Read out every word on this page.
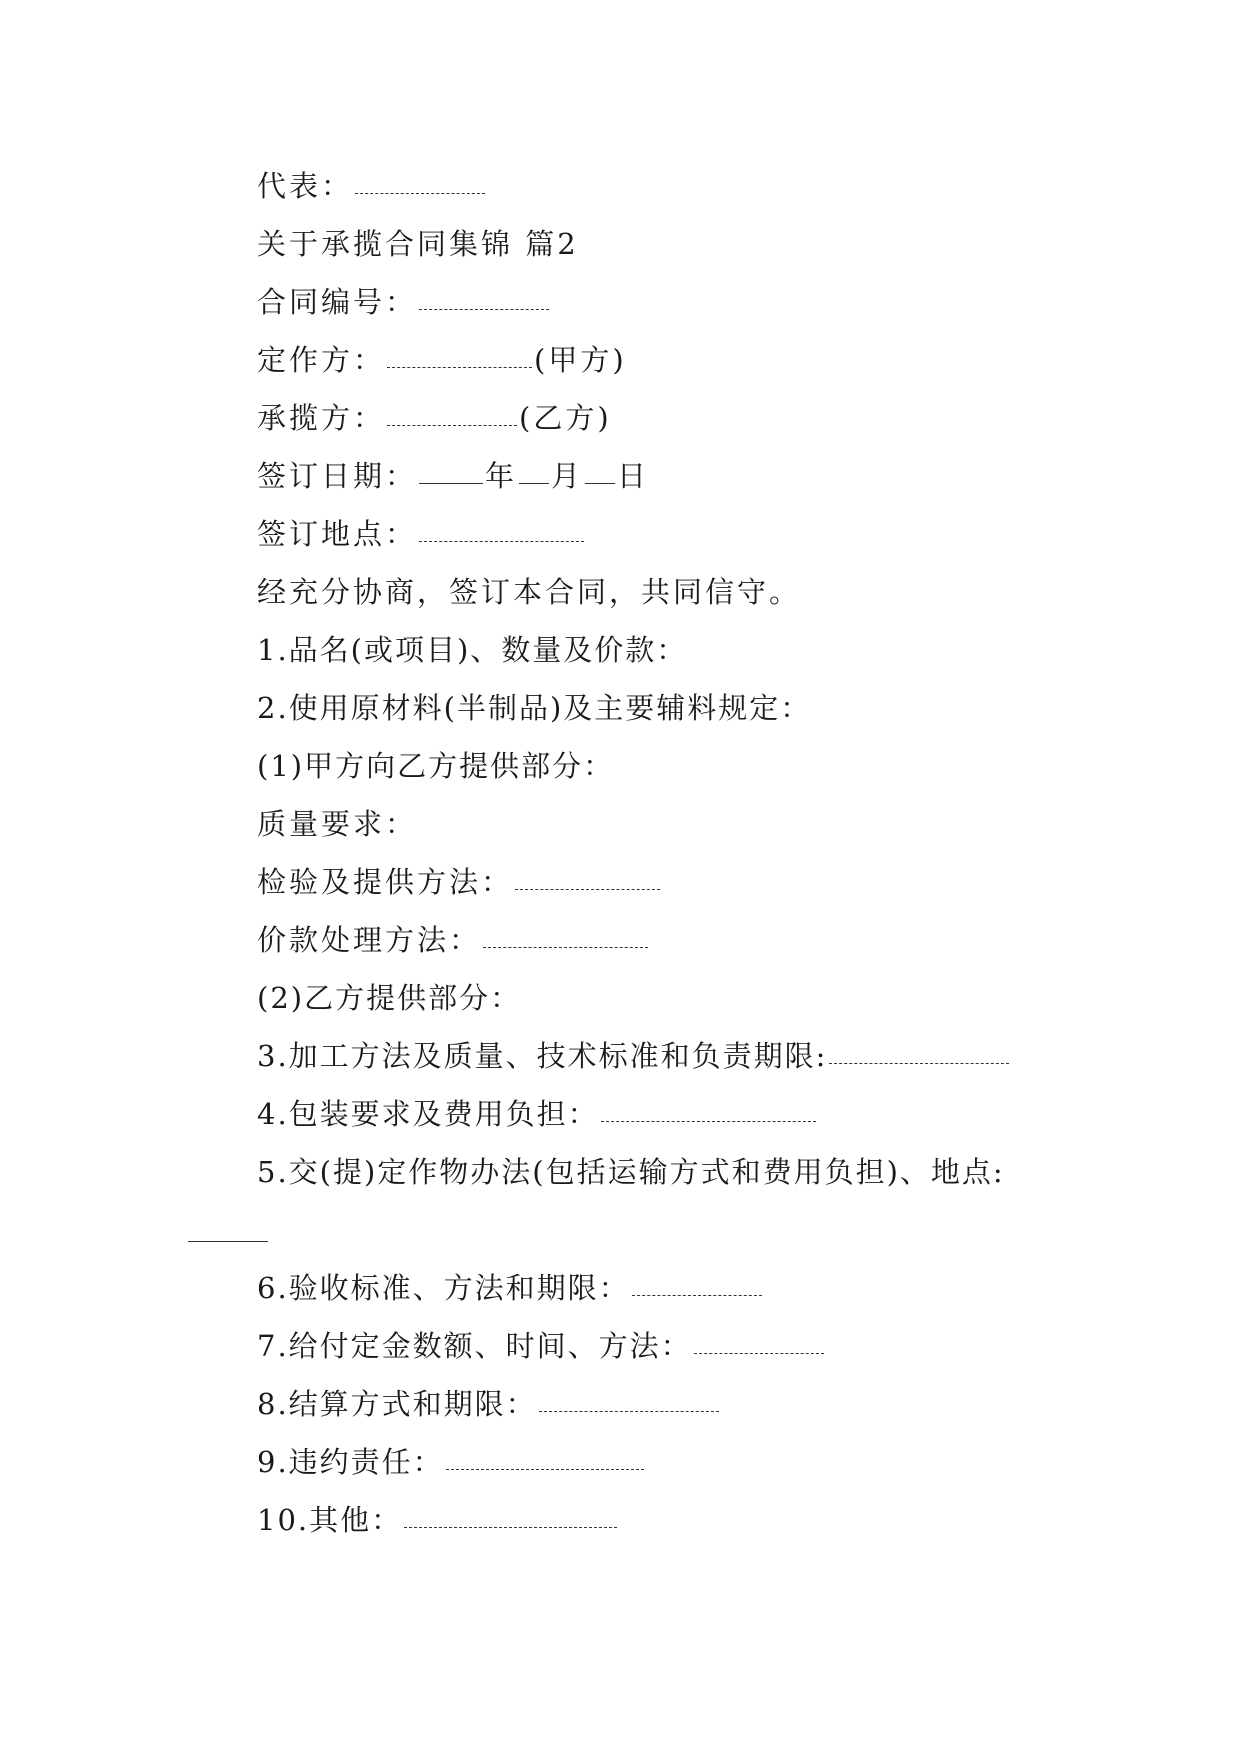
代表：
关于承揽合同集锦 篇2
合同编号：
定作方：	(甲方)
承揽方：	(乙方)
签订日期： 年 月 日
签订地点：
经充分协商，签订本合同，共同信守。
1.品名(或项目)、数量及价款：
2.使用原材料(半制品)及主要辅料规定：
(1)甲方向乙方提供部分：
质量要求：
检验及提供方法：
价款处理方法：
(2)乙方提供部分：
3.加工方法及质量、技术标准和负责期限:
4.包装要求及费用负担：
5.交(提)定作物办法(包括运输方式和费用负担)、地点:
6.验收标准、方法和期限：
7.给付定金数额、时间、方法：
8.结算方式和期限：
9.违约责任：
10.其他：
